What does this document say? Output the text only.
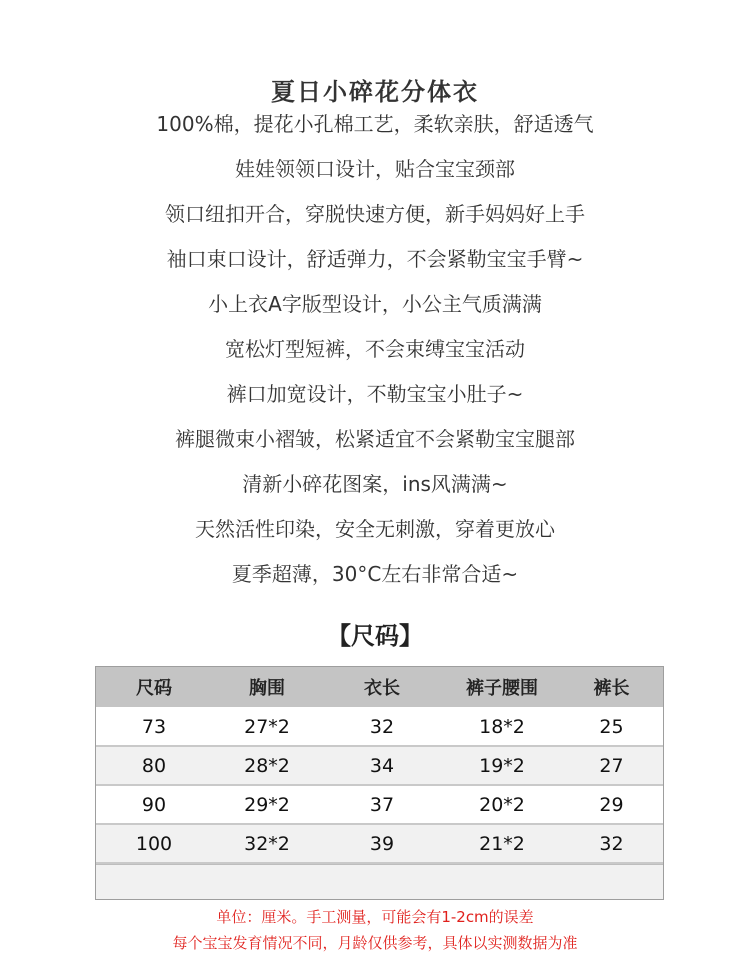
夏日小碎花分体衣
100%棉，提花小孔棉工艺，柔软亲肤，舒适透气
娃娃领领口设计，贴合宝宝颈部
领口纽扣开合，穿脱快速方便，新手妈妈好上手
袖口束口设计，舒适弹力，不会紧勒宝宝手臂~
小上衣A字版型设计，小公主气质满满
宽松灯型短裤，不会束缚宝宝活动
裤口加宽设计，不勒宝宝小肚子~
裤腿微束小褶皱，松紧适宜不会紧勒宝宝腿部
清新小碎花图案，ins风满满~
天然活性印染，安全无刺激，穿着更放心
夏季超薄，30°C左右非常合适~
【尺码】
尺码	胸围	衣长	裤子腰围	裤长
73	27*2	32	18*2	25
80	28*2	34	19*2	27
90	29*2	37	20*2	29
100	32*2	39	21*2	32
单位：厘米。手工测量，可能会有1-2cm的误差
每个宝宝发育情况不同，月龄仅供参考，具体以实测数据为准
